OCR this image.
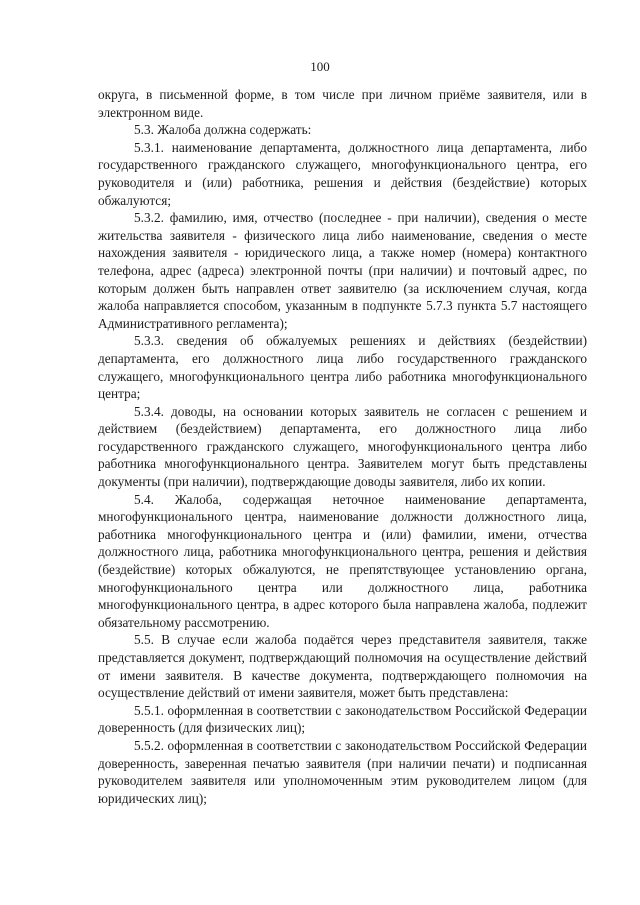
100

округа, в письменной форме, в том числе при личном приёме заявителя, или в электронном виде.

5.3. Жалоба должна содержать:

5.3.1. наименование департамента, должностного лица департамента, либо государственного гражданского служащего, многофункционального центра, его руководителя и (или) работника, решения и действия (бездействие) которых обжалуются;

5.3.2. фамилию, имя, отчество (последнее - при наличии), сведения о месте жительства заявителя - физического лица либо наименование, сведения о месте нахождения заявителя - юридического лица, а также номер (номера) контактного телефона, адрес (адреса) электронной почты (при наличии) и почтовый адрес, по которым должен быть направлен ответ заявителю (за исключением случая, когда жалоба направляется способом, указанным в подпункте 5.7.3 пункта 5.7 настоящего Административного регламента);

5.3.3. сведения об обжалуемых решениях и действиях (бездействии) департамента, его должностного лица либо государственного гражданского служащего, многофункционального центра либо работника многофункционального центра;

5.3.4. доводы, на основании которых заявитель не согласен с решением и действием (бездействием) департамента, его должностного лица либо государственного гражданского служащего, многофункционального центра либо работника многофункционального центра. Заявителем могут быть представлены документы (при наличии), подтверждающие доводы заявителя, либо их копии.

5.4. Жалоба, содержащая неточное наименование департамента, многофункционального центра, наименование должности должностного лица, работника многофункционального центра и (или) фамилии, имени, отчества должностного лица, работника многофункционального центра, решения и действия (бездействие) которых обжалуются, не препятствующее установлению органа, многофункционального центра или должностного лица, работника многофункционального центра, в адрес которого была направлена жалоба, подлежит обязательному рассмотрению.

5.5. В случае если жалоба подаётся через представителя заявителя, также представляется документ, подтверждающий полномочия на осуществление действий от имени заявителя. В качестве документа, подтверждающего полномочия на осуществление действий от имени заявителя, может быть представлена:

5.5.1. оформленная в соответствии с законодательством Российской Федерации доверенность (для физических лиц);

5.5.2. оформленная в соответствии с законодательством Российской Федерации доверенность, заверенная печатью заявителя (при наличии печати) и подписанная руководителем заявителя или уполномоченным этим руководителем лицом (для юридических лиц);
